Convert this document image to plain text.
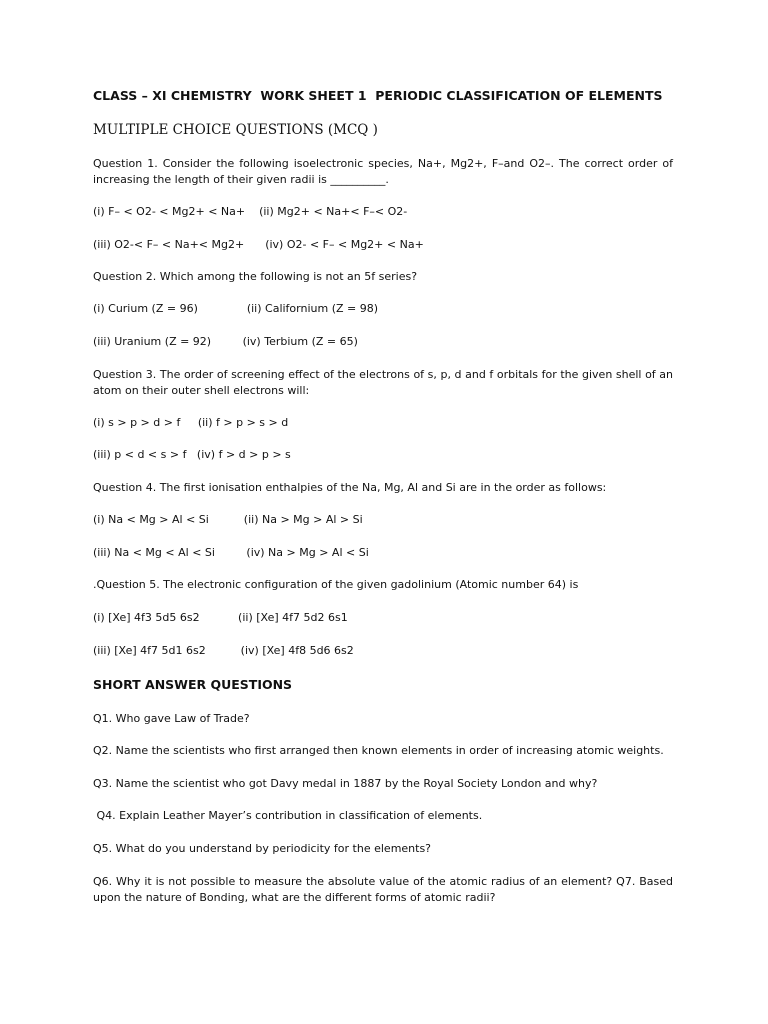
CLASS – XI CHEMISTRY  WORK SHEET 1  PERIODIC CLASSIFICATION OF ELEMENTS
MULTIPLE CHOICE QUESTIONS (MCQ )
Question 1. Consider the following isoelectronic species, Na+, Mg2+, F–and O2–. The correct order of increasing the length of their given radii is __________.
(i) F– < O2- < Mg2+ < Na+    (ii) Mg2+ < Na+< F–< O2-
(iii) O2-< F– < Na+< Mg2+      (iv) O2- < F– < Mg2+ < Na+
Question 2. Which among the following is not an 5f series?
(i) Curium (Z = 96)              (ii) Californium (Z = 98)
(iii) Uranium (Z = 92)         (iv) Terbium (Z = 65)
Question 3. The order of screening effect of the electrons of s, p, d and f orbitals for the given shell of an atom on their outer shell electrons will:
(i) s > p > d > f     (ii) f > p > s > d
(iii) p < d < s > f   (iv) f > d > p > s
Question 4. The first ionisation enthalpies of the Na, Mg, Al and Si are in the order as follows:
(i) Na < Mg > Al < Si          (ii) Na > Mg > Al > Si
(iii) Na < Mg < Al < Si         (iv) Na > Mg > Al < Si
.Question 5. The electronic configuration of the given gadolinium (Atomic number 64) is
(i) [Xe] 4f3 5d5 6s2           (ii) [Xe] 4f7 5d2 6s1
(iii) [Xe] 4f7 5d1 6s2          (iv) [Xe] 4f8 5d6 6s2
SHORT ANSWER QUESTIONS
Q1. Who gave Law of Trade?
Q2. Name the scientists who first arranged then known elements in order of increasing atomic weights.
Q3. Name the scientist who got Davy medal in 1887 by the Royal Society London and why?
Q4. Explain Leather Mayer’s contribution in classification of elements.
Q5. What do you understand by periodicity for the elements?
Q6. Why it is not possible to measure the absolute value of the atomic radius of an element? Q7. Based upon the nature of Bonding, what are the different forms of atomic radii?
